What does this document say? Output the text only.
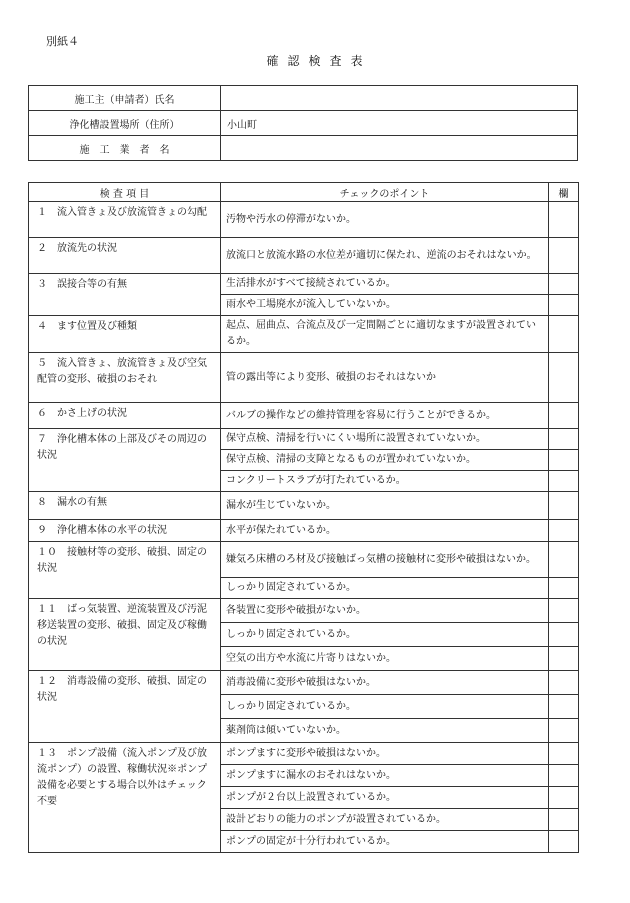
別紙４
確認検査表
施工主（申請者）氏名	
浄化槽設置場所（住所）	小山町
施　工　業　者　名	
検 査 項 目	チェックのポイント	欄
１　流入管きょ及び放流管きょの勾配	汚物や汚水の停滞がないか。	
２　放流先の状況	放流口と放流水路の水位差が適切に保たれ、逆流のおそれはないか。	
３　誤接合等の有無	生活排水がすべて接続されているか。	
	雨水や工場廃水が流入していないか。	
４　ます位置及び種類	起点、屈曲点、合流点及び一定間隔ごとに適切なますが設置されているか。	
５　流入管きょ、放流管きょ及び空気配管の変形、破損のおそれ	管の露出等により変形、破損のおそれはないか	
６　かさ上げの状況	バルブの操作などの維持管理を容易に行うことができるか。	
７　浄化槽本体の上部及びその周辺の状況	保守点検、清掃を行いにくい場所に設置されていないか。	
	保守点検、清掃の支障となるものが置かれていないか。	
	コンクリートスラブが打たれているか。	
８　漏水の有無	漏水が生じていないか。	
９　浄化槽本体の水平の状況	水平が保たれているか。	
１０　接触材等の変形、破損、固定の状況	嫌気ろ床槽のろ材及び接触ばっ気槽の接触材に変形や破損はないか。	
	しっかり固定されているか。	
１１　ばっ気装置、逆流装置及び汚泥移送装置の変形、破損、固定及び稼働の状況	各装置に変形や破損がないか。	
	しっかり固定されているか。	
	空気の出方や水流に片寄りはないか。	
１２　消毒設備の変形、破損、固定の状況	消毒設備に変形や破損はないか。	
	しっかり固定されているか。	
	薬剤筒は傾いていないか。	
１３　ポンプ設備（流入ポンプ及び放流ポンプ）の設置、稼働状況※ポンプ設備を必要とする場合以外はチェック不要	ポンプますに変形や破損はないか。	
	ポンプますに漏水のおそれはないか。	
	ポンプが２台以上設置されているか。	
	設計どおりの能力のポンプが設置されているか。	
	ポンプの固定が十分行われているか。	
